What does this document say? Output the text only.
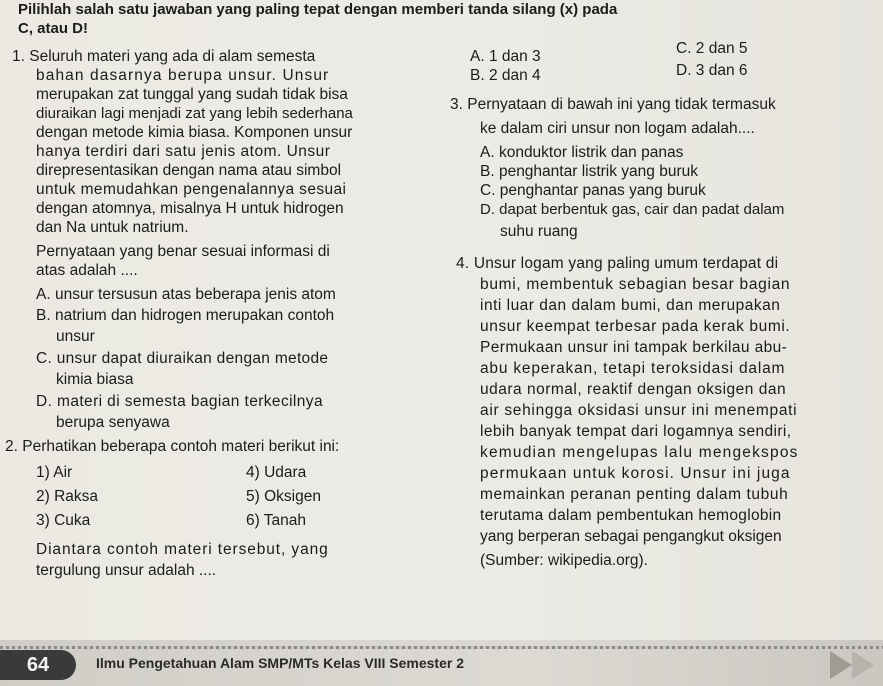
Pilihlah salah satu jawaban yang paling tepat dengan memberi tanda silang (x) pada
C, atau D!
1. Seluruh materi yang ada di alam semesta
bahan dasarnya berupa unsur. Unsur
merupakan zat tunggal yang sudah tidak bisa
diuraikan lagi menjadi zat yang lebih sederhana
dengan metode kimia biasa. Komponen unsur
hanya terdiri dari satu jenis atom. Unsur
direpresentasikan dengan nama atau simbol
untuk memudahkan pengenalannya sesuai
dengan atomnya, misalnya H untuk hidrogen
dan Na untuk natrium.
Pernyataan yang benar sesuai informasi di
atas adalah ....
A. unsur tersusun atas beberapa jenis atom
B. natrium dan hidrogen merupakan contoh
unsur
C. unsur dapat diuraikan dengan metode
kimia biasa
D. materi di semesta bagian terkecilnya
berupa senyawa
2. Perhatikan beberapa contoh materi berikut ini:
1) Air
2) Raksa
3) Cuka
4) Udara
5) Oksigen
6) Tanah
Diantara contoh materi tersebut, yang
tergulung unsur adalah ....
A. 1 dan 3
B. 2 dan 4
C. 2 dan 5
D. 3 dan 6
3. Pernyataan di bawah ini yang tidak termasuk
ke dalam ciri unsur non logam adalah....
A. konduktor listrik dan panas
B. penghantar listrik yang buruk
C. penghantar panas yang buruk
D. dapat berbentuk gas, cair dan padat dalam
suhu ruang
4. Unsur logam yang paling umum terdapat di
bumi, membentuk sebagian besar bagian
inti luar dan dalam bumi, dan merupakan
unsur keempat terbesar pada kerak bumi.
Permukaan unsur ini tampak berkilau abu-
abu keperakan, tetapi teroksidasi dalam
udara normal, reaktif dengan oksigen dan
air sehingga oksidasi unsur ini menempati
lebih banyak tempat dari logamnya sendiri,
kemudian mengelupas lalu mengekspos
permukaan untuk korosi. Unsur ini juga
memainkan peranan penting dalam tubuh
terutama dalam pembentukan hemoglobin
yang berperan sebagai pengangkut oksigen
(Sumber: wikipedia.org).
64	Ilmu Pengetahuan Alam SMP/MTs Kelas VIII Semester 2
